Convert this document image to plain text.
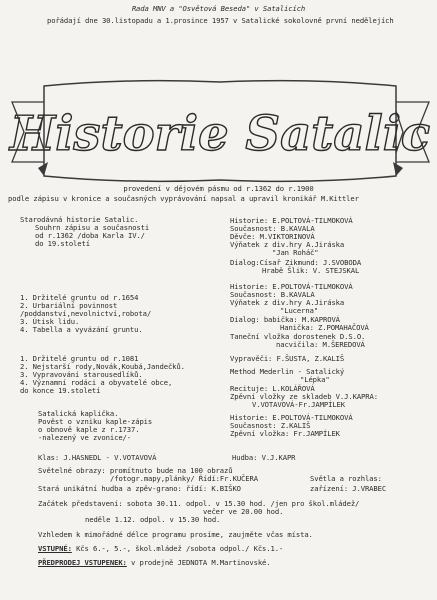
Rada MNV a "Osvětová Beseda" v Satalicích
pořádají dne 30.listopadu a 1.prosince 1957 v Satalické sokolovně první nedělejích
Historie Satalic
provedení v dějovém pásmu od r.1362 do r.1900
podle zápisu v kronice a současných vyprávování napsal a upravil kronikář M.Kittler
Starodávná historie Satalic.
Souhrn zápisu a současnosti
od r.1362 /doba Karla IV./
do 19.století
Historie: E.POLTOVÁ-TILMOKOVÁ
Současnost: B.KAVALA
Děvče: M.VIKTORINOVÁ
Výňatek z div.hry A.Jiráska
"Jan Roháč"
Dialog:Císař Zikmund: J.SVOBODA
Hrabě Šlik: V. STEJSKAL
1. Držitelé gruntu od r.1654
2. Urbariální povinnost
/poddanství,nevolnictví,robota/
3. Útisk lidu.
4. Tabella a vyvázání gruntu.
Historie: E.POLTOVÁ-TILMOKOVÁ
Současnost: B.KAVALA
Výňatek z div.hry A.Jiráska
"Lucerna"
Dialog: babička: M.KAPROVÁ
Hanička: Z.POMAHAČOVÁ
Taneční vložka dorostenek D.S.O.
nacvičila: M.ŠEREDOVÁ
1. Držitelé gruntu od r.1081
2. Nejstarší rody,Novák,Koubá,Jandečků.
3. Vypravování starousedlíků.
4. Významní rodáci a obyvatelé obce,
do konce 19.století
Vypravěči: F.ŠUSTA, Z.KALIŠ
Method Mederlin - Satalický
"Lépka"
Recituje: L.KOLÁŘOVÁ
Zpěvní vložky ze skladeb V.J.KAPRA:
V.VOTAVOVÁ-Fr.JAMPÍLEK
Satalická kaplička.
Pověst o vzniku kaple-zápis
o obnově kaple z r.1737.
-nalezený ve zvonice/-
Historie: E.POLTOVÁ-TILMOKOVÁ
Současnost: Z.KALIŠ
Zpěvní vložka: Fr.JAMPÍLEK
Klas: J.HASNEDL - V.VOTAVOVÁ	Hudba: V.J.KAPR
Světelné obrazy: promítnuto bude na 100 obrazů
/fotogr.mapy,plánky/ Řídí:Fr.KUČERA	Světla a rozhlas:
Stará unikátní hudba a zpěv-grano: řídí: K.BIŠKO	zařízení: J.VRABEC
Začátek představení: sobota 30.11. odpol. v 15.30 hod. /jen pro škol.mládež/
večer ve 20.00 hod.
neděle 1.12. odpol. v 15.30 hod.
Vzhledem k mimořádné délce programu prosíme, zaujměte včas místa.
VSTUPNÉ: Kčs 6.-, 5.-, škol.mládež /sobota odpol./ Kčs.1.-
PŘEDPRODEJ VSTUPENEK: v prodejně JEDNOTA M.Martinovské.
